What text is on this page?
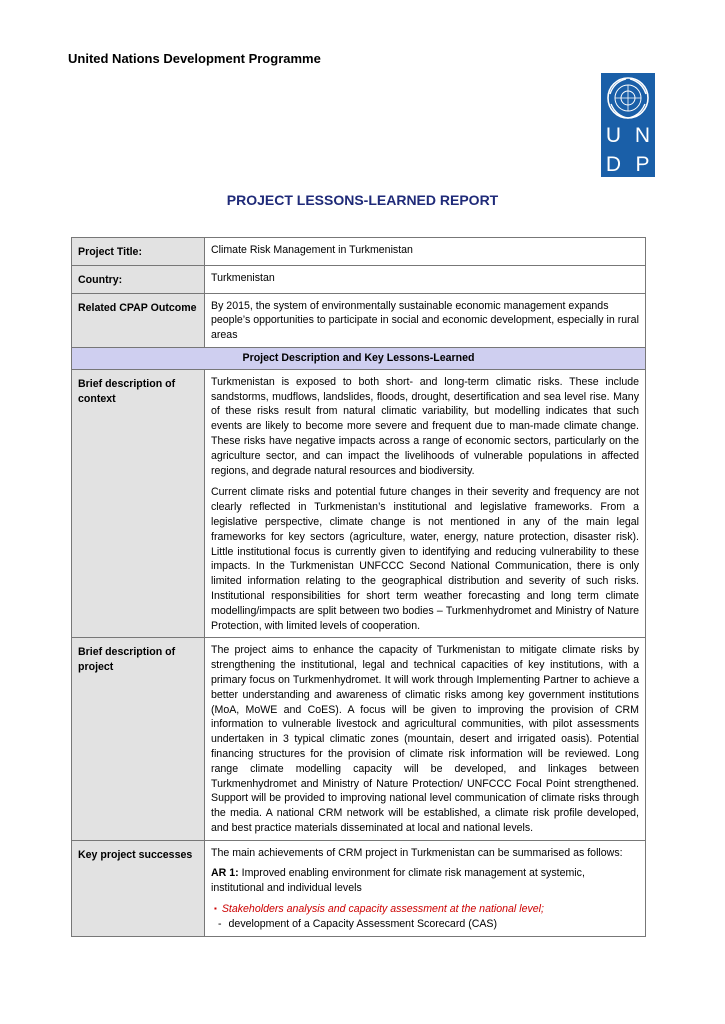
United Nations Development Programme
U N
D P
PROJECT LESSONS-LEARNED REPORT
Project Title:	Climate Risk Management in Turkmenistan
Country:	Turkmenistan
Related CPAP Outcome	By 2015, the system of environmentally sustainable economic management expands people’s opportunities to participate in social and economic development, especially in rural areas
Project Description and Key Lessons-Learned	
Brief description of context	Turkmenistan is exposed to both short- and long-term climatic risks. These include sandstorms, mudflows, landslides, floods, drought, desertification and sea level rise. Many of these risks result from natural climatic variability, but modelling indicates that such events are likely to become more severe and frequent due to man-made climate change. These risks have negative impacts across a range of economic sectors, particularly on the agriculture sector, and can impact the livelihoods of vulnerable populations in affected regions, and degrade natural resources and biodiversity.

Current climate risks and potential future changes in their severity and frequency are not clearly reflected in Turkmenistan’s institutional and legislative frameworks. From a legislative perspective, climate change is not mentioned in any of the main legal frameworks for key sectors (agriculture, water, energy, nature protection, disaster risk). Little institutional focus is currently given to identifying and reducing vulnerability to these impacts. In the Turkmenistan UNFCCC Second National Communication, there is only limited information relating to the geographical distribution and severity of such risks. Institutional responsibilities for short term weather forecasting and long term climate modelling/impacts are split between two bodies – Turkmenhydromet and Ministry of Nature Protection, with limited levels of cooperation.

Brief description of project	The project aims to enhance the capacity of Turkmenistan to mitigate climate risks by strengthening the institutional, legal and technical capacities of key institutions, with a primary focus on Turkmenhydromet. It will work through Implementing Partner to achieve a better understanding and awareness of climatic risks among key government institutions (MoA, MoWE and CoES). A focus will be given to improving the provision of CRM information to vulnerable livestock and agricultural communities, with pilot assessments undertaken in 3 typical climatic zones (mountain, desert and irrigated oasis). Potential financing structures for the provision of climate risk information will be reviewed. Long range climate modelling capacity will be developed, and linkages between Turkmenhydromet and Ministry of Nature Protection/ UNFCCC Focal Point strengthened. Support will be provided to improving national level communication of climate risks through the media. A national CRM network will be established, a climate risk profile developed, and best practice materials disseminated at local and national levels.

Key project successes	The main achievements of CRM project in Turkmenistan can be summarised as follows:

AR 1: Improved enabling environment for climate risk management at systemic, institutional and individual levels

▪ Stakeholders analysis and capacity assessment at the national level;

- development of a Capacity Assessment Scorecard (CAS)
